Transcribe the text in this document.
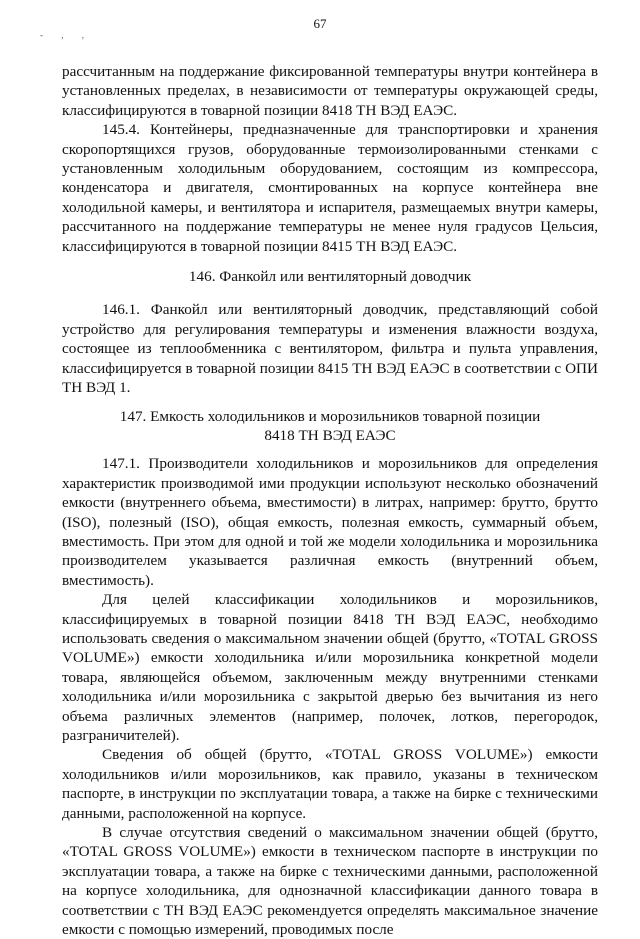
67
- , ,

рассчитанным на поддержание фиксированной температуры внутри контейнера в установленных пределах, в независимости от температуры окружающей среды, классифицируются в товарной позиции 8418 ТН ВЭД ЕАЭС.

145.4. Контейнеры, предназначенные для транспортировки и хранения скоропортящихся грузов, оборудованные термоизолированными стенками с установленным холодильным оборудованием, состоящим из компрессора, конденсатора и двигателя, смонтированных на корпусе контейнера вне холодильной камеры, и вентилятора и испарителя, размещаемых внутри камеры, рассчитанного на поддержание температуры не менее нуля градусов Цельсия, классифицируются в товарной позиции 8415 ТН ВЭД ЕАЭС.

146. Фанкойл или вентиляторный доводчик

146.1. Фанкойл или вентиляторный доводчик, представляющий собой устройство для регулирования температуры и изменения влажности воздуха, состоящее из теплообменника с вентилятором, фильтра и пульта управления, классифицируется в товарной позиции 8415 ТН ВЭД ЕАЭС в соответствии с ОПИ ТН ВЭД 1.

147. Емкость холодильников и морозильников товарной позиции
8418 ТН ВЭД ЕАЭС

147.1. Производители холодильников и морозильников для определения характеристик производимой ими продукции используют несколько обозначений емкости (внутреннего объема, вместимости) в литрах, например: брутто, брутто (ISO), полезный (ISO), общая емкость, полезная емкость, суммарный объем, вместимость. При этом для одной и той же модели холодильника и морозильника производителем указывается различная емкость (внутренний объем, вместимость).

Для целей классификации холодильников и морозильников, классифицируемых в товарной позиции 8418 ТН ВЭД ЕАЭС, необходимо использовать сведения о максимальном значении общей (брутто, «TOTAL GROSS VOLUME») емкости холодильника и/или морозильника конкретной модели товара, являющейся объемом, заключенным между внутренними стенками холодильника и/или морозильника с закрытой дверью без вычитания из него объема различных элементов (например, полочек, лотков, перегородок, разграничителей).

Сведения об общей (брутто, «TOTAL GROSS VOLUME») емкости холодильников и/или морозильников, как правило, указаны в техническом паспорте, в инструкции по эксплуатации товара, а также на бирке с техническими данными, расположенной на корпусе.

В случае отсутствия сведений о максимальном значении общей (брутто, «TOTAL GROSS VOLUME») емкости в техническом паспорте в инструкции по эксплуатации товара, а также на бирке с техническими данными, расположенной на корпусе холодильника, для однозначной классификации данного товара в соответствии с ТН ВЭД ЕАЭС рекомендуется определять максимальное значение емкости с помощью измерений, проводимых после
